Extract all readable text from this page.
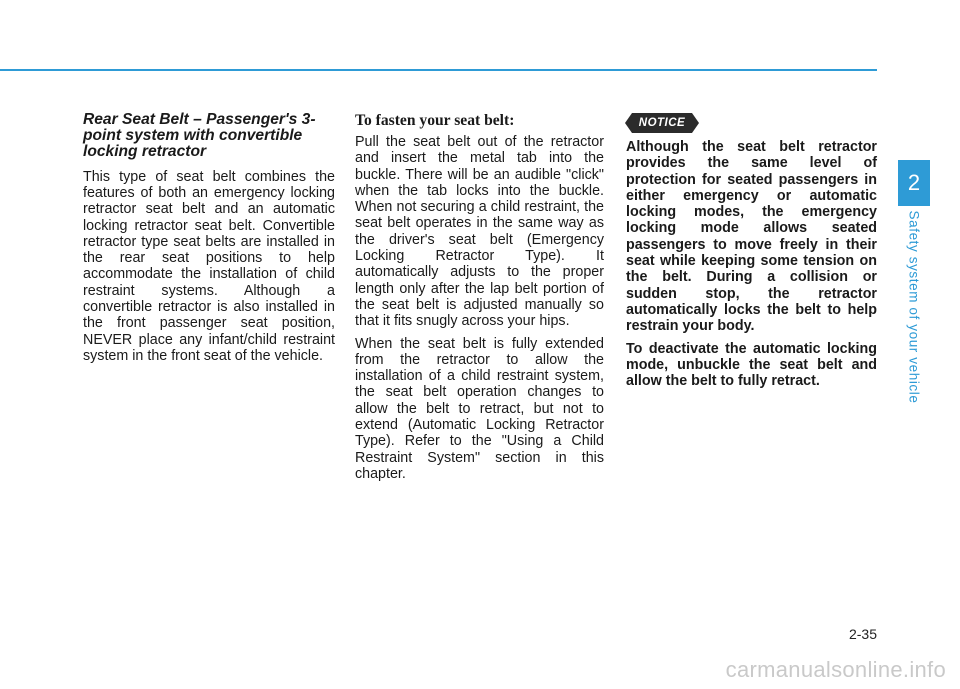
Rear Seat Belt – Passenger's 3-point system with convertible locking retractor

This type of seat belt combines the features of both an emergency locking retractor seat belt and an automatic locking retractor seat belt. Convertible retractor type seat belts are installed in the rear seat positions to help accommodate the installation of child restraint systems. Although a convertible retractor is also installed in the front passenger seat position, NEVER place any infant/child restraint system in the front seat of the vehicle.

To fasten your seat belt:

Pull the seat belt out of the retractor and insert the metal tab into the buckle. There will be an audible "click" when the tab locks into the buckle. When not securing a child restraint, the seat belt operates in the same way as the driver's seat belt (Emergency Locking Retractor Type). It automatically adjusts to the proper length only after the lap belt portion of the seat belt is adjusted manually so that it fits snugly across your hips.

When the seat belt is fully extended from the retractor to allow the installation of a child restraint system, the seat belt operation changes to allow the belt to retract, but not to extend (Automatic Locking Retractor Type). Refer to the "Using a Child Restraint System" section in this chapter.

NOTICE

Although the seat belt retractor provides the same level of protection for seated passengers in either emergency or automatic locking modes, the emergency locking mode allows seated passengers to move freely in their seat while keeping some tension on the belt. During a collision or sudden stop, the retractor automatically locks the belt to help restrain your body.

To deactivate the automatic locking mode, unbuckle the seat belt and allow the belt to fully retract.

2
Safety system of your vehicle
2-35
carmanualsonline.info
